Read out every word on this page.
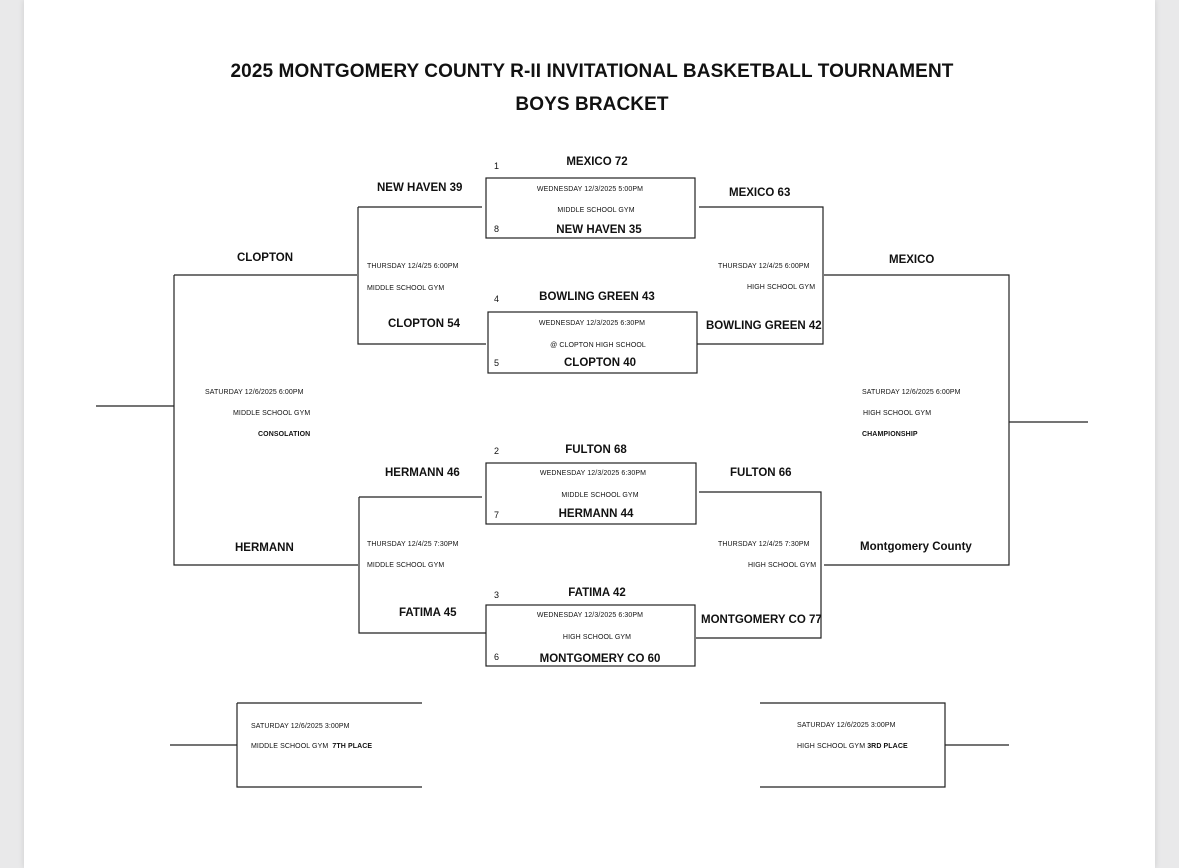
2025 MONTGOMERY COUNTY R-II INVITATIONAL BASKETBALL TOURNAMENT
BOYS BRACKET
1	MEXICO 72
WEDNESDAY 12/3/2025 5:00PM
MIDDLE SCHOOL GYM
8	NEW HAVEN 35
4	BOWLING GREEN 43
WEDNESDAY 12/3/2025 6:30PM
@ CLOPTON HIGH SCHOOL
5	CLOPTON 40
2	FULTON 68
WEDNESDAY 12/3/2025 6:30PM
MIDDLE SCHOOL GYM
7	HERMANN 44
3	FATIMA 42
WEDNESDAY 12/3/2025 6:30PM
HIGH SCHOOL GYM
6	MONTGOMERY CO 60
NEW HAVEN 39
THURSDAY 12/4/25 6:00PM
MIDDLE SCHOOL GYM
CLOPTON 54
HERMANN 46
THURSDAY 12/4/25 7:30PM
MIDDLE SCHOOL GYM
FATIMA 45
MEXICO 63
THURSDAY 12/4/25 6:00PM
HIGH SCHOOL GYM
BOWLING GREEN 42
FULTON 66
THURSDAY 12/4/25 7:30PM
HIGH SCHOOL GYM
MONTGOMERY CO 77
CLOPTON
SATURDAY 12/6/2025 6:00PM
MIDDLE SCHOOL GYM
CONSOLATION
HERMANN
MEXICO
SATURDAY 12/6/2025 6:00PM
HIGH SCHOOL GYM
CHAMPIONSHIP
Montgomery County
SATURDAY 12/6/2025 3:00PM
MIDDLE SCHOOL GYM 7TH PLACE
SATURDAY 12/6/2025 3:00PM
HIGH SCHOOL GYM 3RD PLACE
